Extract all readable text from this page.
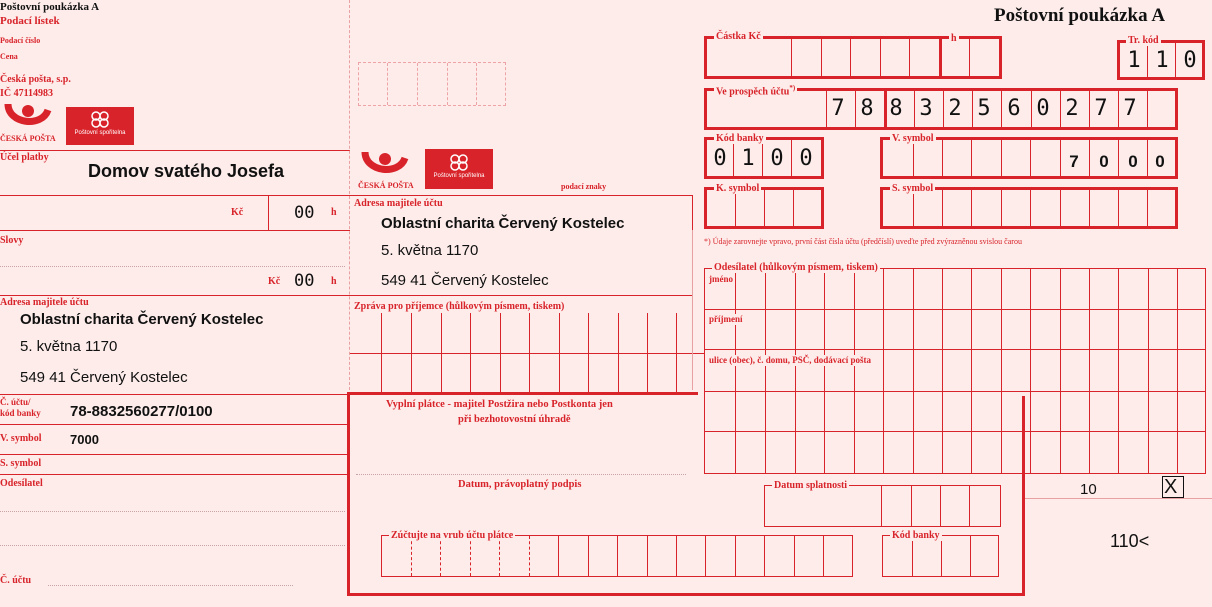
Poštovní poukázka A
Podací lístek
Podací číslo
Cena
Česká pošta, s.p.
IČ 47114983
ČESKÁ POŠTA
Poštovní spořitelna
Účel platby
Domov svatého Josefa
Kč	00 h
Slovy
Kč 00 h
Adresa majitele účtu
Oblastní charita Červený Kostelec
5. května 1170
549 41 Červený Kostelec
Č. účtu/
kód banky 78-8832560277/0100
V. symbol 7000
S. symbol
Odesílatel
Č. účtu
ČESKÁ POŠTA
Poštovní spořitelna
podací znaky
Adresa majitele účtu
Oblastní charita Červený Kostelec
5. května 1170
549 41 Červený Kostelec
Zpráva pro příjemce (hůlkovým písmem, tiskem)
Vyplní plátce - majitel Postžira nebo Postkonta jen
při bezhotovostní úhradě
Datum, právoplatný podpis	Datum splatnosti
Zúčtujte na vrub účtu plátce	Kód banky
Poštovní poukázka A
Částka Kč	h
1 1 0
Tr. kód
Ve prospěch účtu*)
7 8 8 3 2 5 6 0 2 7 7
0 1 0 0
Kód banky
7	0	0	0
V. symbol
K. symbol	S. symbol
*) Údaje zarovnejte vpravo, první část čísla účtu (předčíslí) uveďte před zvýrazněnou svislou čarou
Odesílatel (hůlkovým písmem, tiskem)
jméno
příjmení
ulice (obec), č. domu, PSČ, dodávací pošta
10	X
110<
